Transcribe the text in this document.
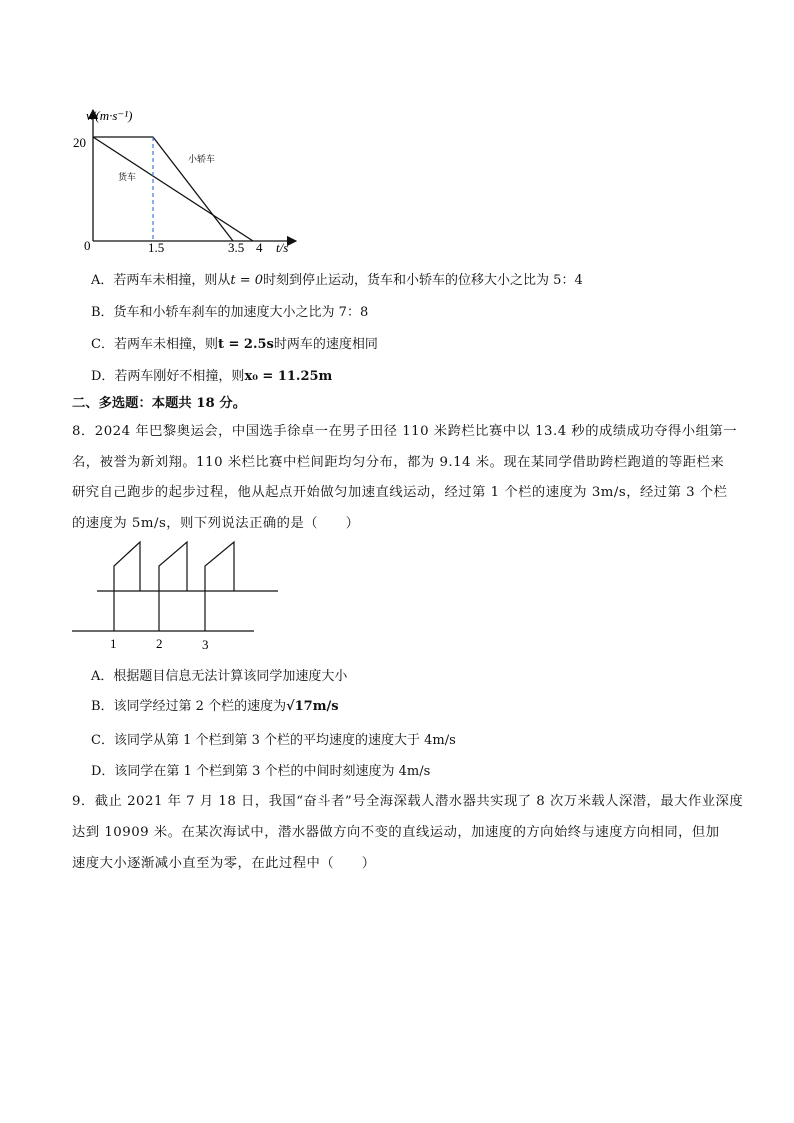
v/(m·s⁻¹)
20
0	1.5	3.5 4 t/s
小轿车
货车
A．若两车未相撞，则从t = 0时刻到停止运动，货车和小轿车的位移大小之比为 5：4
B．货车和小轿车刹车的加速度大小之比为 7：8
C．若两车未相撞，则t = 2.5s时两车的速度相同
D．若两车刚好不相撞，则x₀ = 11.25m
二、多选题：本题共 18 分。
8．2024 年巴黎奥运会，中国选手徐卓一在男子田径 110 米跨栏比赛中以 13.4 秒的成绩成功夺得小组第一
名，被誉为新刘翔。110 米栏比赛中栏间距均匀分布，都为 9.14 米。现在某同学借助跨栏跑道的等距栏来
研究自己跑步的起步过程，他从起点开始做匀加速直线运动，经过第 1 个栏的速度为 3m/s，经过第 3 个栏
的速度为 5m/s，则下列说法正确的是（　　）
1	2	3
A．根据题目信息无法计算该同学加速度大小
B．该同学经过第 2 个栏的速度为√17m/s
C．该同学从第 1 个栏到第 3 个栏的平均速度的速度大于 4m/s
D．该同学在第 1 个栏到第 3 个栏的中间时刻速度为 4m/s
9．截止 2021 年 7 月 18 日，我国“奋斗者”号全海深载人潜水器共实现了 8 次万米载人深潜，最大作业深度
达到 10909 米。在某次海试中，潜水器做方向不变的直线运动，加速度的方向始终与速度方向相同，但加
速度大小逐渐减小直至为零，在此过程中（　　）
